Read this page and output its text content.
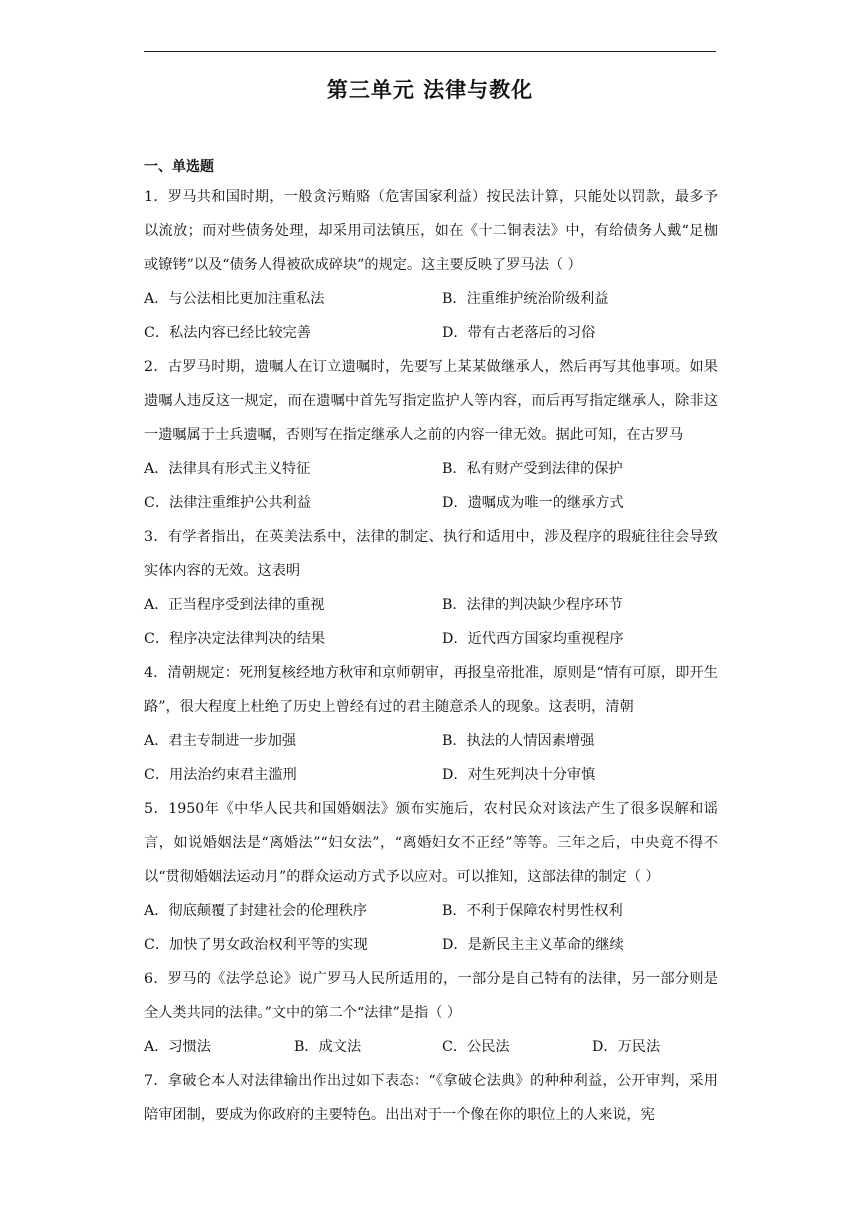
第三单元 法律与教化
一、单选题

1．罗马共和国时期，一般贪污贿赂（危害国家利益）按民法计算，只能处以罚款，最多予以流放；而对些债务处理，却采用司法镇压，如在《十二铜表法》中，有给债务人戴“足枷或镣铐”以及“债务人得被砍成碎块”的规定。这主要反映了罗马法（ ）

A．与公法相比更加注重私法	B．注重维护统治阶级利益
C．私法内容已经比较完善	D．带有古老落后的习俗

2．古罗马时期，遗嘱人在订立遗嘱时，先要写上某某做继承人，然后再写其他事项。如果遗嘱人违反这一规定，而在遗嘱中首先写指定监护人等内容，而后再写指定继承人，除非这一遗嘱属于士兵遗嘱，否则写在指定继承人之前的内容一律无效。据此可知，在古罗马

A．法律具有形式主义特征	B．私有财产受到法律的保护
C．法律注重维护公共利益	D．遗嘱成为唯一的继承方式

3．有学者指出，在英美法系中，法律的制定、执行和适用中，涉及程序的瑕疵往往会导致实体内容的无效。这表明

A．正当程序受到法律的重视	B．法律的判决缺少程序环节
C．程序决定法律判决的结果	D．近代西方国家均重视程序

4．清朝规定：死刑复核经地方秋审和京师朝审，再报皇帝批准，原则是“情有可原，即开生路”，很大程度上杜绝了历史上曾经有过的君主随意杀人的现象。这表明，清朝

A．君主专制进一步加强	B．执法的人情因素增强
C．用法治约束君主滥刑	D．对生死判决十分审慎

5．1950年《中华人民共和国婚姻法》颁布实施后，农村民众对该法产生了很多误解和谣言，如说婚姻法是“离婚法”“妇女法”，“离婚妇女不正经”等等。三年之后，中央竟不得不以“贯彻婚姻法运动月”的群众运动方式予以应对。可以推知，这部法律的制定（ ）

A．彻底颠覆了封建社会的伦理秩序	B．不利于保障农村男性权利
C．加快了男女政治权利平等的实现	D．是新民主主义革命的继续

6．罗马的《法学总论》说广罗马人民所适用的，一部分是自己特有的法律，另一部分则是全人类共同的法律。”文中的第二个“法律”是指（ ）

A．习惯法	B．成文法	C．公民法	D．万民法

7．拿破仑本人对法律输出作出过如下表态：“《拿破仑法典》的种种利益，公开审判，采用陪审团制，要成为你政府的主要特色。出出对于一个像在你的职位上的人来说，宪
